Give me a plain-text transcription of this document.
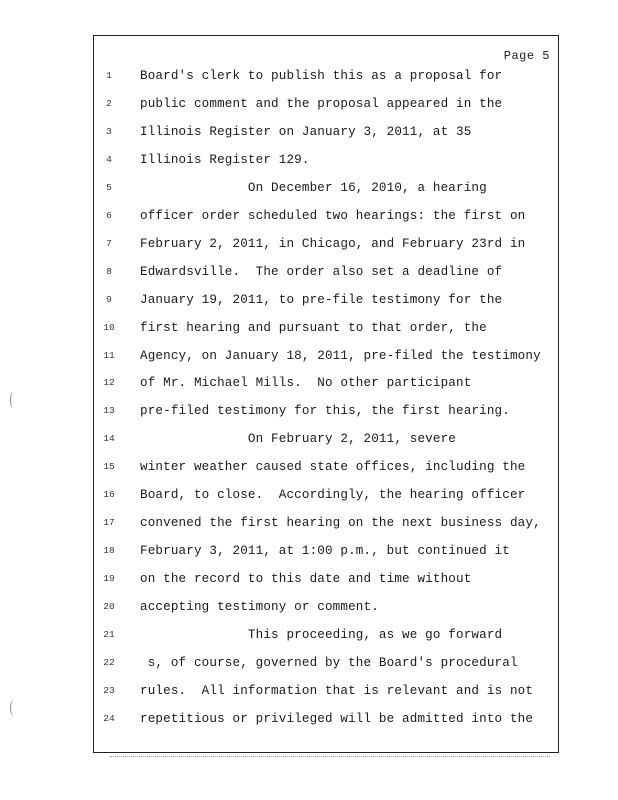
Page 5
1	Board's clerk to publish this as a proposal for
2	public comment and the proposal appeared in the
3	Illinois Register on January 3, 2011, at 35
4	Illinois Register 129.
5	On December 16, 2010, a hearing
6	officer order scheduled two hearings: the first on
7	February 2, 2011, in Chicago, and February 23rd in
8	Edwardsville.  The order also set a deadline of
9	January 19, 2011, to pre-file testimony for the
10 first hearing and pursuant to that order, the
11 Agency, on January 18, 2011, pre-filed the testimony
12 of Mr. Michael Mills.  No other participant
13 pre-filed testimony for this, the first hearing.
14 On February 2, 2011, severe
15 winter weather caused state offices, including the
16 Board, to close.  Accordingly, the hearing officer
17 convened the first hearing on the next business day,
18 February 3, 2011, at 1:00 p.m., but continued it
19 on the record to this date and time without
20 accepting testimony or comment.
21 This proceeding, as we go forward
22 s, of course, governed by the Board's procedural
23 rules.  All information that is relevant and is not
24 repetitious or privileged will be admitted into the
